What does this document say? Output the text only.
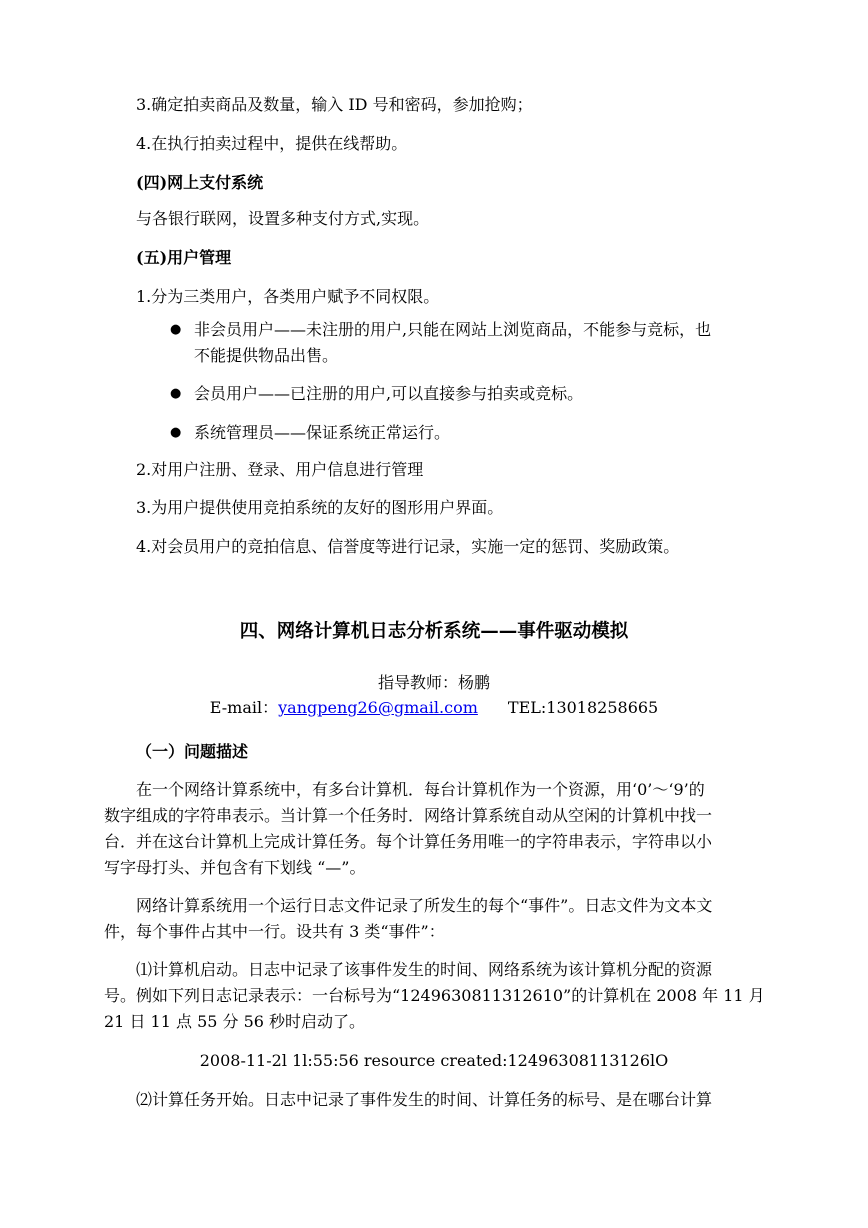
3.确定拍卖商品及数量，输入 ID 号和密码，参加抢购；
4.在执行拍卖过程中，提供在线帮助。
(四)网上支付系统
与各银行联网，设置多种支付方式,实现。
(五)用户管理
1.分为三类用户，各类用户赋予不同权限。
● 非会员用户——未注册的用户,只能在网站上浏览商品，不能参与竞标，也
不能提供物品出售。
● 会员用户——已注册的用户,可以直接参与拍卖或竞标。
● 系统管理员——保证系统正常运行。
2.对用户注册、登录、用户信息进行管理
3.为用户提供使用竞拍系统的友好的图形用户界面。
4.对会员用户的竞拍信息、信誉度等进行记录，实施一定的惩罚、奖励政策。
四、网络计算机日志分析系统——事件驱动模拟
指导教师：杨鹏
E-mail：yangpeng26@gmail.com TEL:13018258665
（一）问题描述
在一个网络计算系统中，有多台计算机．每台计算机作为一个资源，用‘0’～‘9’的
数字组成的字符串表示。当计算一个任务时．网络计算系统自动从空闲的计算机中找一
台．并在这台计算机上完成计算任务。每个计算任务用唯一的字符串表示，字符串以小
写字母打头、并包含有下划线 “—”。
网络计算系统用一个运行日志文件记录了所发生的每个“事件”。日志文件为文本文
件，每个事件占其中一行。设共有 3 类“事件”：
⑴计算机启动。日志中记录了该事件发生的时间、网络系统为该计算机分配的资源
号。例如下列日志记录表示：一台标号为“1249630811312610”的计算机在 2008 年 11 月
21 日 11 点 55 分 56 秒时启动了。
2008-11-2l 1l:55:56 resource created:12496308113126lO
⑵计算任务开始。日志中记录了事件发生的时间、计算任务的标号、是在哪台计算
